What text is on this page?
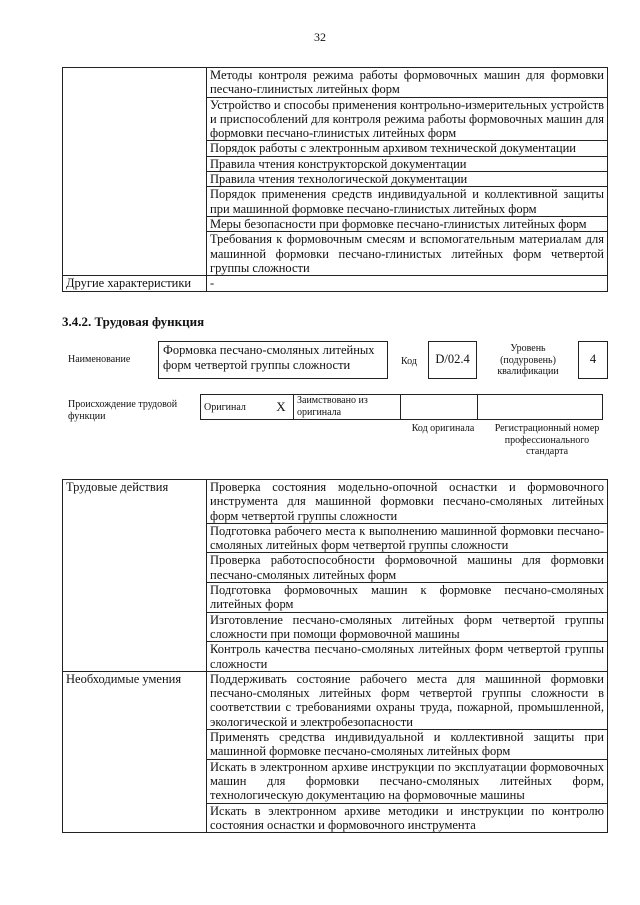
32
	Методы контроля режима работы формовочных машин для формовки песчано-глинистых литейных форм
	Устройство и способы применения контрольно-измерительных устройств и приспособлений для контроля режима работы формовочных машин для формовки песчано-глинистых литейных форм
	Порядок работы с электронным архивом технической документации
	Правила чтения конструкторской документации
	Правила чтения технологической документации
	Порядок применения средств индивидуальной и коллективной защиты при машинной формовке песчано-глинистых литейных форм
	Меры безопасности при формовке песчано-глинистых литейных форм
	Требования к формовочным смесям и вспомогательным материалам для машинной формовки песчано-глинистых литейных форм четвертой группы сложности
Другие характеристики	-
3.4.2. Трудовая функция
Наименование
Формовка песчано-смоляных литейных форм четвертой группы сложности	Код	D/02.4
Уровень (подуровень) квалификации
4
Происхождение трудовой функции
Оригинал	X	Заимствовано из оригинала		
Код оригинала	Регистрационный номер профессионального стандарта
Трудовые действия	Проверка состояния модельно-опочной оснастки и формовочного инструмента для машинной формовки песчано-смоляных литейных форм четвертой группы сложности
	Подготовка рабочего места к выполнению машинной формовки песчано-смоляных литейных форм четвертой группы сложности
	Проверка работоспособности формовочной машины для формовки песчано-смоляных литейных форм
	Подготовка формовочных машин к формовке песчано-смоляных литейных форм
	Изготовление песчано-смоляных литейных форм четвертой группы сложности при помощи формовочной машины
	Контроль качества песчано-смоляных литейных форм четвертой группы сложности
Необходимые умения	Поддерживать состояние рабочего места для машинной формовки песчано-смоляных литейных форм четвертой группы сложности в соответствии с требованиями охраны труда, пожарной, промышленной, экологической и электробезопасности
	Применять средства индивидуальной и коллективной защиты при машинной формовке песчано-смоляных литейных форм
	Искать в электронном архиве инструкции по эксплуатации формовочных машин для формовки песчано-смоляных литейных форм, технологическую документацию на формовочные машины
	Искать в электронном архиве методики и инструкции по контролю состояния оснастки и формовочного инструмента
